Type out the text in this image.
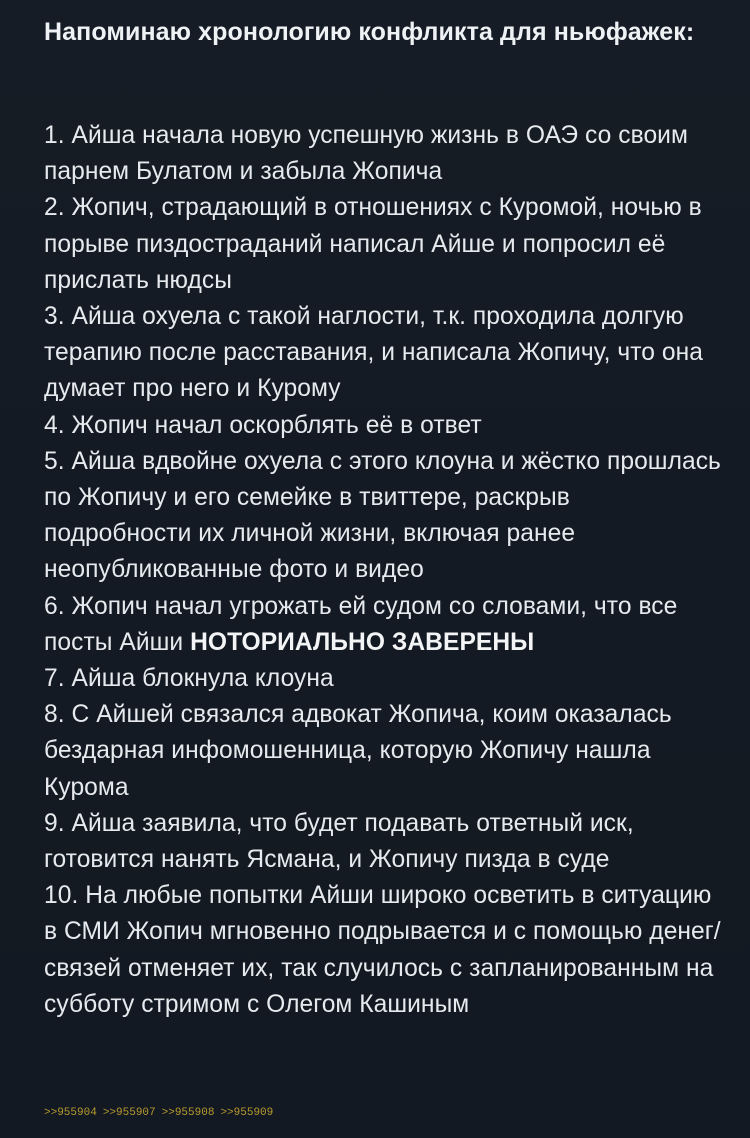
Напоминаю хронологию конфликта для ньюфажек:
1. Айша начала новую успешную жизнь в ОАЭ со своим парнем Булатом и забыла Жопича
2. Жопич, страдающий в отношениях с Куромой, ночью в порыве пиздостраданий написал Айше и попросил её прислать нюдсы
3. Айша охуела с такой наглости, т.к. проходила долгую терапию после расставания, и написала Жопичу, что она думает про него и Курому
4. Жопич начал оскорблять её в ответ
5. Айша вдвойне охуела с этого клоуна и жёстко прошлась по Жопичу и его семейке в твиттере, раскрыв подробности их личной жизни, включая ранее неопубликованные фото и видео
6. Жопич начал угрожать ей судом со словами, что все посты Айши НОТОРИАЛЬНО ЗАВЕРЕНЫ
7. Айша блокнула клоуна
8. С Айшей связался адвокат Жопича, коим оказалась бездарная инфомошенница, которую Жопичу нашла Курома
9. Айша заявила, что будет подавать ответный иск, готовится нанять Ясмана, и Жопичу пизда в суде
10. На любые попытки Айши широко осветить в ситуацию в СМИ Жопич мгновенно подрывается и с помощью денег/связей отменяет их, так случилось с запланированным на субботу стримом с Олегом Кашиным
>>955904 >>955907 >>955908 >>955909
